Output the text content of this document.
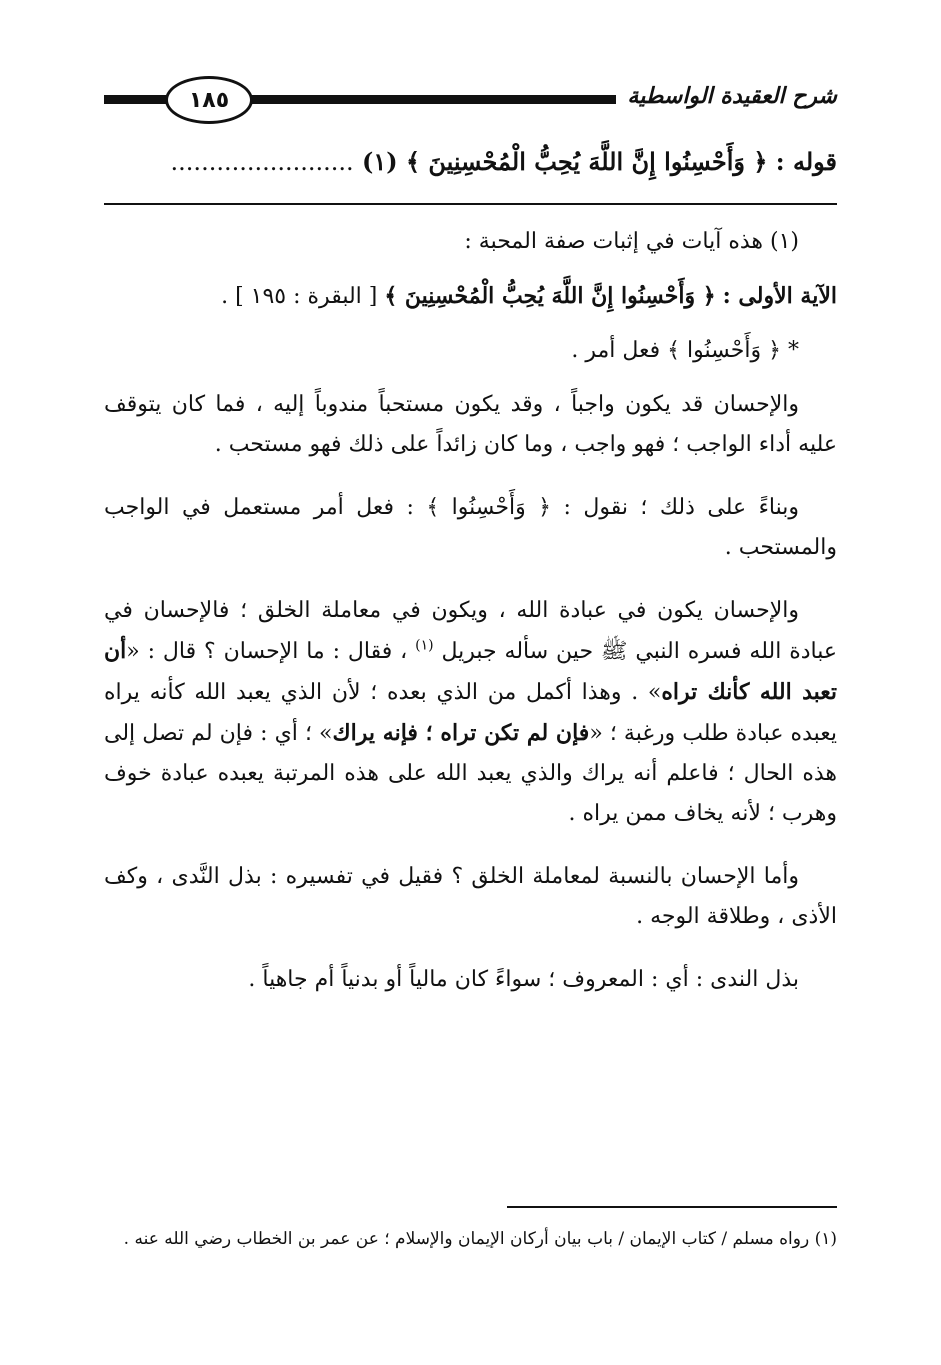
شرح العقيدة الواسطية
١٨٥
قوله : ﴿ وَأَحْسِنُوا إِنَّ اللَّهَ يُحِبُّ الْمُحْسِنِينَ ﴾ (١) ........................

(١) هذه آيات في إثبات صفة المحبة :

الآية الأولى : ﴿ وَأَحْسِنُوا إِنَّ اللَّهَ يُحِبُّ الْمُحْسِنِينَ ﴾ [ البقرة : ١٩٥ ] .

* ﴿ وَأَحْسِنُوا ﴾ فعل أمر .

والإحسان قد يكون واجباً ، وقد يكون مستحباً مندوباً إليه ، فما كان يتوقف عليه أداء الواجب ؛ فهو واجب ، وما كان زائداً على ذلك فهو مستحب .

وبناءً على ذلك ؛ نقول : ﴿ وَأَحْسِنُوا ﴾ : فعل أمر مستعمل في الواجب والمستحب .

والإحسان يكون في عبادة الله ، ويكون في معاملة الخلق ؛ فالإحسان في عبادة الله فسره النبي ﷺ حين سأله جبريل $^{(١)}$ ، فقال : ما الإحسان ؟ قال : «أن تعبد الله كأنك تراه» . وهذا أكمل من الذي بعده ؛ لأن الذي يعبد الله كأنه يراه يعبده عبادة طلب ورغبة ؛ «فإن لم تكن تراه ؛ فإنه يراك» ؛ أي : فإن لم تصل إلى هذه الحال ؛ فاعلم أنه يراك والذي يعبد الله على هذه المرتبة يعبده عبادة خوف وهرب ؛ لأنه يخاف ممن يراه .

وأما الإحسان بالنسبة لمعاملة الخلق ؟ فقيل في تفسيره : بذل النَّدى ، وكف الأذى ، وطلاقة الوجه .

بذل الندى : أي : المعروف ؛ سواءً كان مالياً أو بدنياً أم جاهياً .

(١) رواه مسلم / كتاب الإيمان / باب بيان أركان الإيمان والإسلام ؛ عن عمر بن الخطاب رضي الله عنه .
